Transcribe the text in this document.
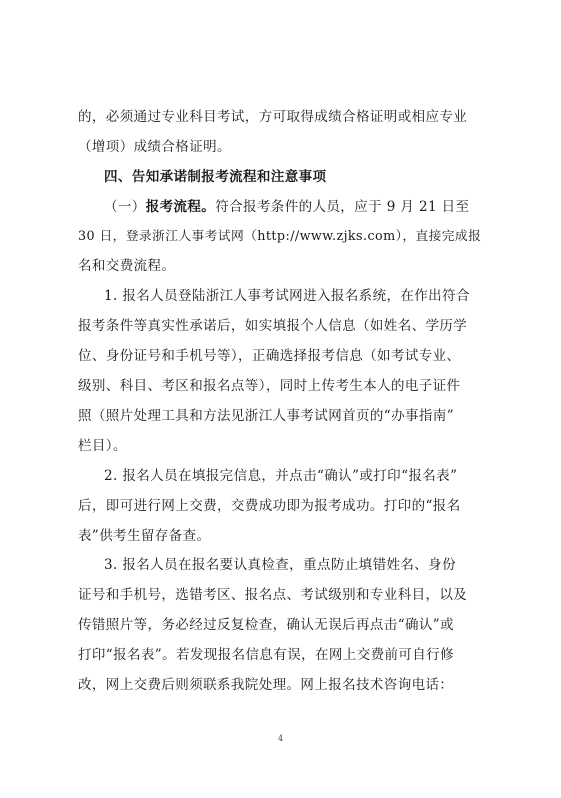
的，必须通过专业科目考试，方可取得成绩合格证明或相应专业
（增项）成绩合格证明。
四、告知承诺制报考流程和注意事项
（一）报考流程。符合报考条件的人员，应于 9 月 21 日至
30 日，登录浙江人事考试网（http://www.zjks.com），直接完成报
名和交费流程。
1. 报名人员登陆浙江人事考试网进入报名系统，在作出符合
报考条件等真实性承诺后，如实填报个人信息（如姓名、学历学
位、身份证号和手机号等），正确选择报考信息（如考试专业、
级别、科目、考区和报名点等），同时上传考生本人的电子证件
照（照片处理工具和方法见浙江人事考试网首页的“办事指南”
栏目）。
2. 报名人员在填报完信息，并点击“确认”或打印“报名表”
后，即可进行网上交费，交费成功即为报考成功。打印的“报名
表”供考生留存备查。
3. 报名人员在报名要认真检查，重点防止填错姓名、身份
证号和手机号，选错考区、报名点、考试级别和专业科目，以及
传错照片等，务必经过反复检查，确认无误后再点击“确认”或
打印“报名表”。若发现报名信息有误，在网上交费前可自行修
改，网上交费后则须联系我院处理。网上报名技术咨询电话：
4
